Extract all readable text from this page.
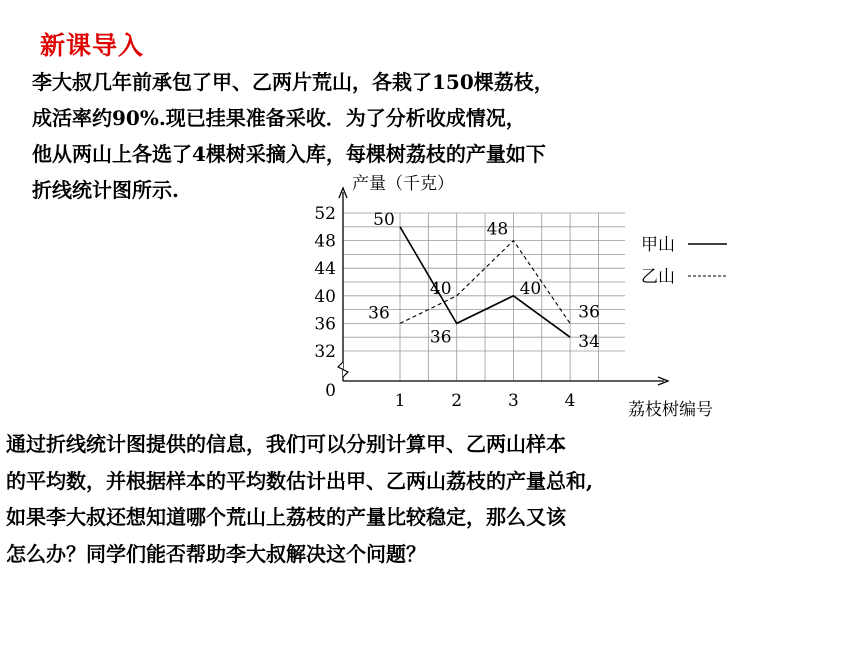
新课导入
李大叔几年前承包了甲、乙两片荒山，各栽了150棵荔枝，
成活率约90%.现已挂果准备采收．为了分析收成情况，
他从两山上各选了4棵树采摘入库，每棵树荔枝的产量如下
折线统计图所示.
32
36
40
44
48
52
0	1	2	3	4
产量（千克）
荔枝树编号
50
36
40
34
36
40
48
36
甲山
乙山
通过折线统计图提供的信息，我们可以分别计算甲、乙两山样本
的平均数，并根据样本的平均数估计出甲、乙两山荔枝的产量总和,
如果李大叔还想知道哪个荒山上荔枝的产量比较稳定，那么又该
怎么办？同学们能否帮助李大叔解决这个问题？
